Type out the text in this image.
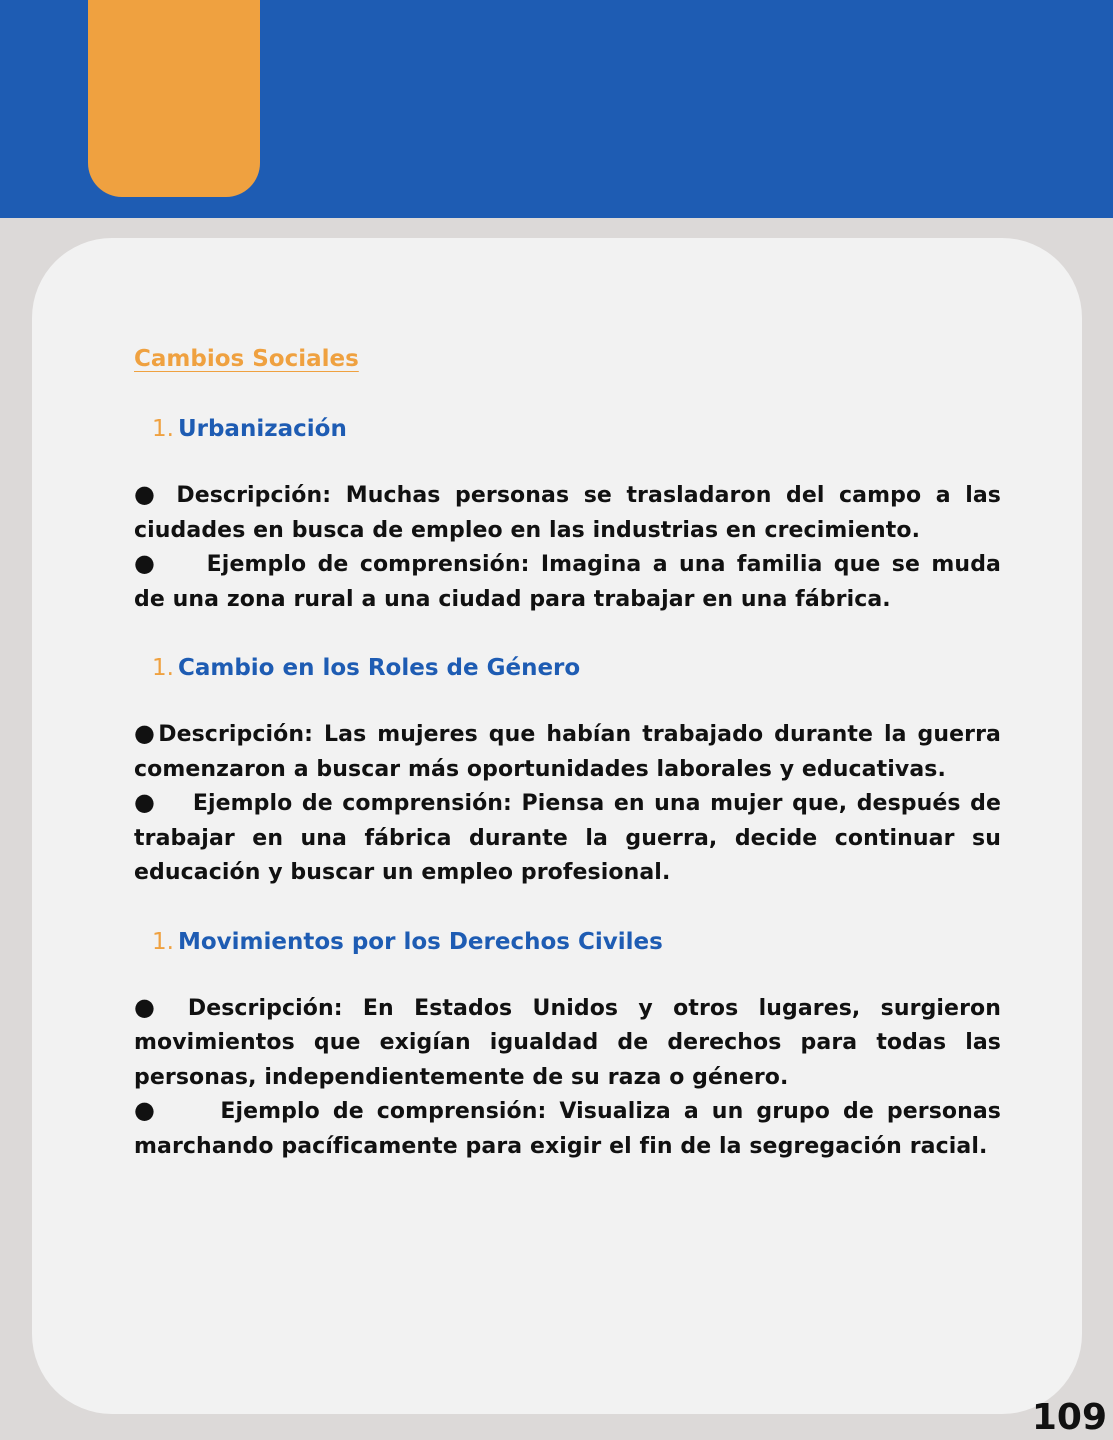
Cambios Sociales
1. Urbanización

● Descripción: Muchas personas se trasladaron del campo a las ciudades en busca de empleo en las industrias en crecimiento.

● Ejemplo de comprensión: Imagina a una familia que se muda de una zona rural a una ciudad para trabajar en una fábrica.

1. Cambio en los Roles de Género

●Descripción: Las mujeres que habían trabajado durante la guerra comenzaron a buscar más oportunidades laborales y educativas.

● Ejemplo de comprensión: Piensa en una mujer que, después de trabajar en una fábrica durante la guerra, decide continuar su educación y buscar un empleo profesional.

1. Movimientos por los Derechos Civiles

● Descripción: En Estados Unidos y otros lugares, surgieron movimientos que exigían igualdad de derechos para todas las personas, independientemente de su raza o género.

●	Ejemplo de comprensión: Visualiza a un grupo de personas marchando pacíficamente para exigir el fin de la segregación racial.

109
